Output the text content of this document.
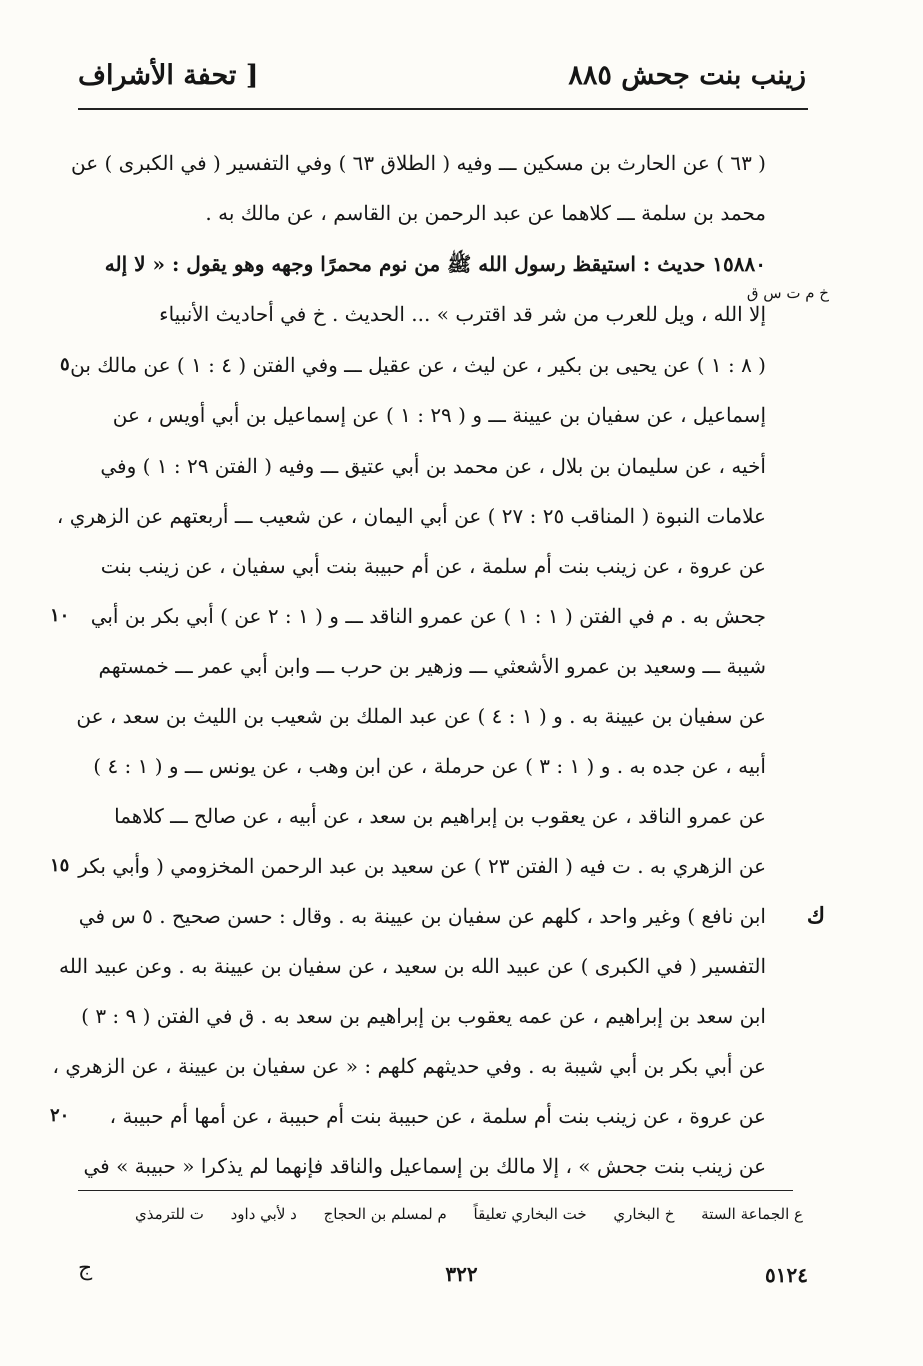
زينب بنت جحش ٨٨٥
[ تحفة الأشراف
( ٦٣ ) عن الحارث بن مسكين ـــ وفيه ( الطلاق ٦٣ ) وفي التفسير ( في الكبرى ) عن
محمد بن سلمة ـــ كلاهما عن عبد الرحمن بن القاسم ، عن مالك به .
١٥٨٨٠ حديث : استيقظ رسول الله ﷺ من نوم محمرًا وجهه وهو يقول : « لا إله
إلا الله ، ويل للعرب من شر قد اقترب » ... الحديث . خ في أحاديث الأنبياء
( ٨ : ١ ) عن يحيى بن بكير ، عن ليث ، عن عقيل ـــ وفي الفتن ( ٤ : ١ ) عن مالك بن
إسماعيل ، عن سفيان بن عيينة ـــ و ( ٢٩ : ١ ) عن إسماعيل بن أبي أويس ، عن
أخيه ، عن سليمان بن بلال ، عن محمد بن أبي عتيق ـــ وفيه ( الفتن ٢٩ : ١ ) وفي
علامات النبوة ( المناقب ٢٥ : ٢٧ ) عن أبي اليمان ، عن شعيب ـــ أربعتهم عن الزهري ،
عن عروة ، عن زينب بنت أم سلمة ، عن أم حبيبة بنت أبي سفيان ، عن زينب بنت
جحش به . م في الفتن ( ١ : ١ ) عن عمرو الناقد ـــ و ( ١ : ٢ عن ) أبي بكر بن أبي
شيبة ـــ وسعيد بن عمرو الأشعثي ـــ وزهير بن حرب ـــ وابن أبي عمر ـــ خمستهم
عن سفيان بن عيينة به . و ( ١ : ٤ ) عن عبد الملك بن شعيب بن الليث بن سعد ، عن
أبيه ، عن جده به . و ( ١ : ٣ ) عن حرملة ، عن ابن وهب ، عن يونس ـــ و ( ١ : ٤ )
عن عمرو الناقد ، عن يعقوب بن إبراهيم بن سعد ، عن أبيه ، عن صالح ـــ كلاهما
عن الزهري به . ت فيه ( الفتن ٢٣ ) عن سعيد بن عبد الرحمن المخزومي ( وأبي بكر
ابن نافع ) وغير واحد ، كلهم عن سفيان بن عيينة به . وقال : حسن صحيح . ٥ س في
التفسير ( في الكبرى ) عن عبيد الله بن سعيد ، عن سفيان بن عيينة به . وعن عبيد الله
ابن سعد بن إبراهيم ، عن عمه يعقوب بن إبراهيم بن سعد به . ق في الفتن ( ٩ : ٣ )
عن أبي بكر بن أبي شيبة به . وفي حديثهم كلهم : « عن سفيان بن عيينة ، عن الزهري ،
عن عروة ، عن زينب بنت أم سلمة ، عن حبيبة بنت أم حبيبة ، عن أمها أم حبيبة ،
عن زينب بنت جحش » ، إلا مالك بن إسماعيل والناقد فإنهما لم يذكرا « حبيبة » في
خ م ت س ق
٥
١٠
١٥
ك
٢٠
ع الجماعة الستة خ البخاري خت البخاري تعليقاً م لمسلم بن الحجاج د لأبي داود ت للترمذي
ج	٣٢٢	٥١٢٤
